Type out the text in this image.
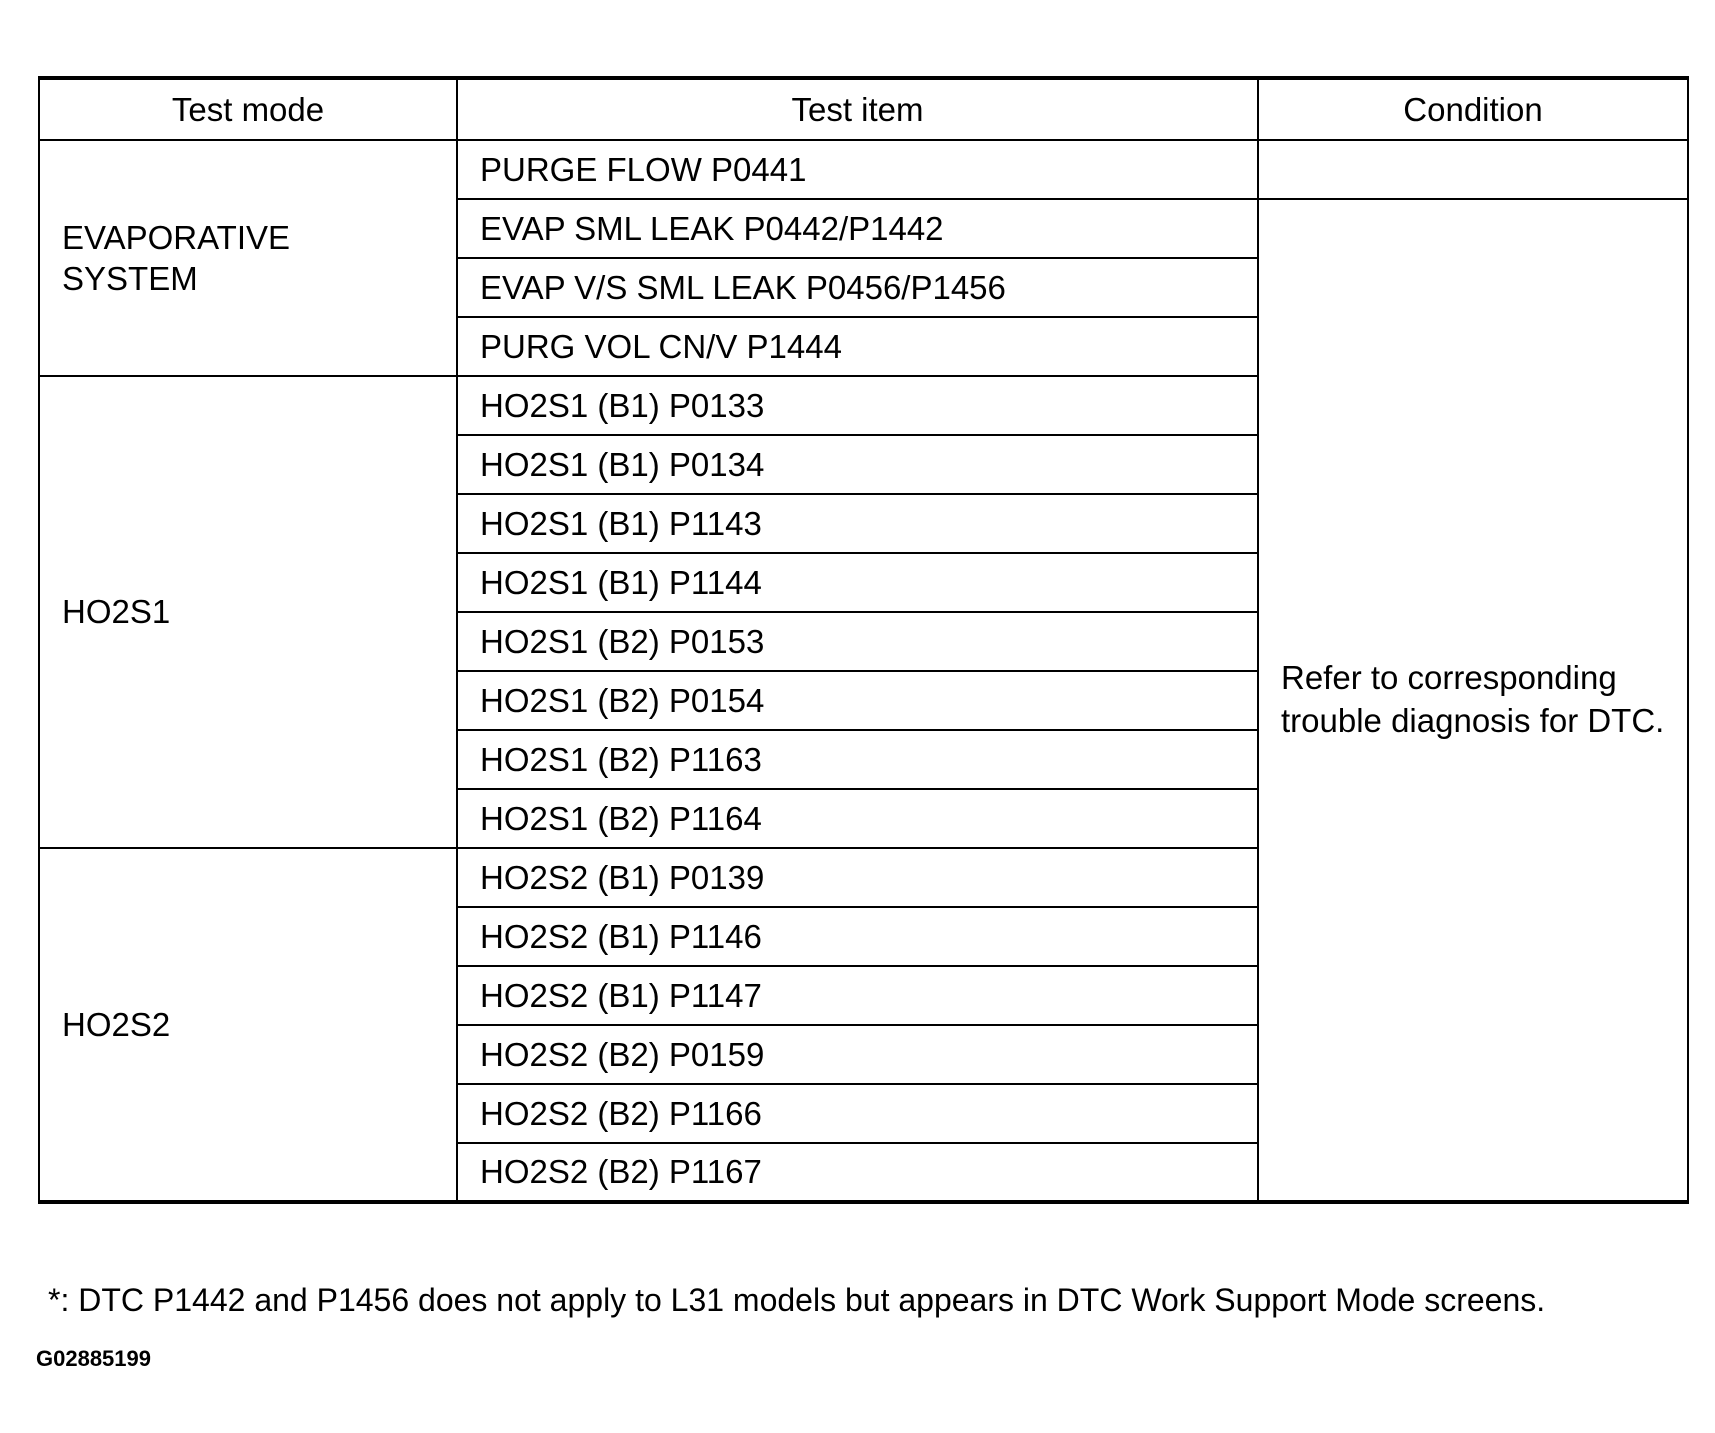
Test mode	Test item	Condition

EVAPORATIVE SYSTEM	PURGE FLOW P0441	
	EVAP SML LEAK P0442/P1442	Refer to corresponding trouble diagnosis for DTC.

	EVAP V/S SML LEAK P0456/P1456	
	PURG VOL CN/V P1444	

HO2S1	HO2S1 (B1) P0133	
	HO2S1 (B1) P0134	
	HO2S1 (B1) P1143	
	HO2S1 (B1) P1144	
	HO2S1 (B2) P0153	
	HO2S1 (B2) P0154	
	HO2S1 (B2) P1163	
	HO2S1 (B2) P1164	

HO2S2	HO2S2 (B1) P0139	
	HO2S2 (B1) P1146	
	HO2S2 (B1) P1147	
	HO2S2 (B2) P0159	
	HO2S2 (B2) P1166	
	HO2S2 (B2) P1167	
*: DTC P1442 and P1456 does not apply to L31 models but appears in DTC Work Support Mode screens.
G02885199
